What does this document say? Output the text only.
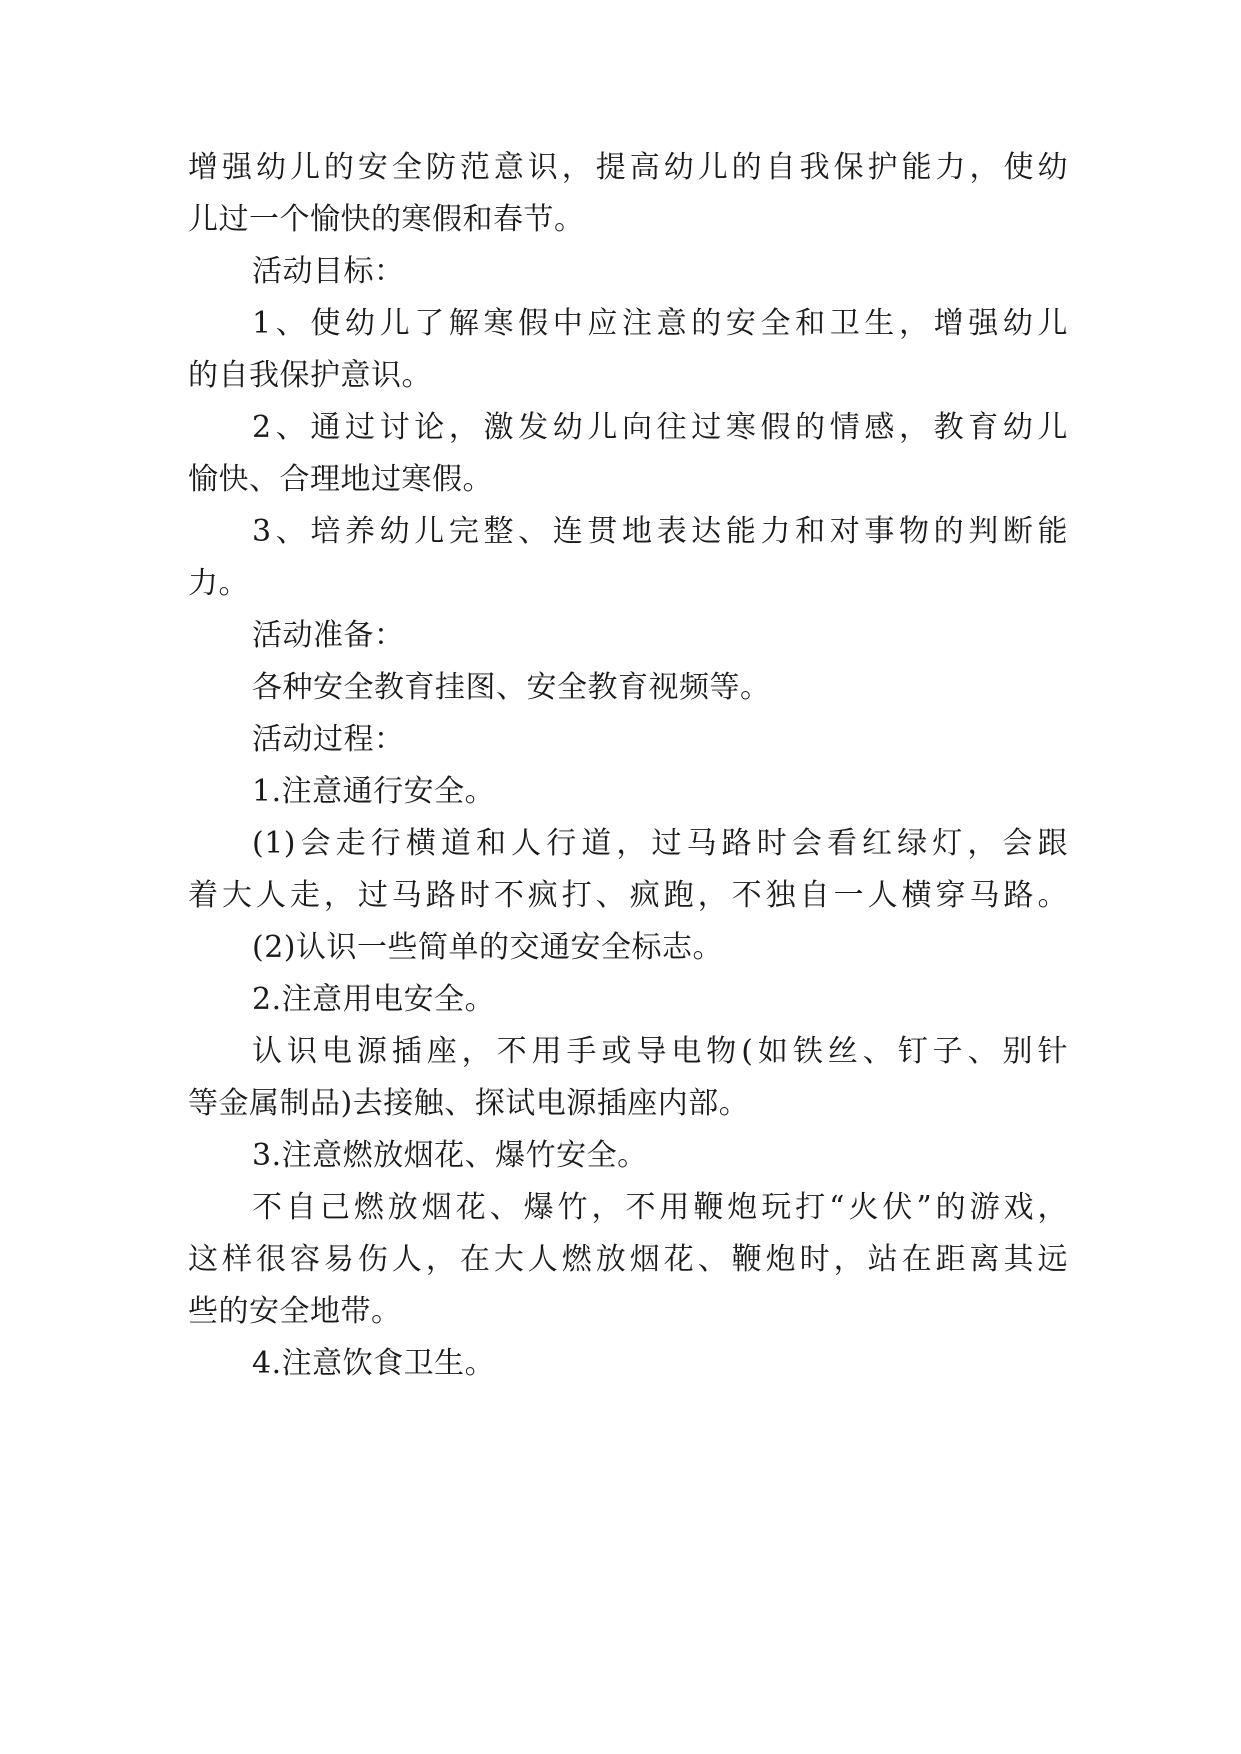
增强幼儿的安全防范意识，提高幼儿的自我保护能力，使幼
儿过一个愉快的寒假和春节。
活动目标：
1、使幼儿了解寒假中应注意的安全和卫生，增强幼儿
的自我保护意识。
2、通过讨论，激发幼儿向往过寒假的情感，教育幼儿
愉快、合理地过寒假。
3、培养幼儿完整、连贯地表达能力和对事物的判断能
力。
活动准备：
各种安全教育挂图、安全教育视频等。
活动过程：
1.注意通行安全。
(1)会走行横道和人行道，过马路时会看红绿灯，会跟
着大人走，过马路时不疯打、疯跑，不独自一人横穿马路。
(2)认识一些简单的交通安全标志。
2.注意用电安全。
认识电源插座，不用手或导电物(如铁丝、钉子、别针
等金属制品)去接触、探试电源插座内部。
3.注意燃放烟花、爆竹安全。
不自己燃放烟花、爆竹，不用鞭炮玩打“火伏”的游戏，
这样很容易伤人，在大人燃放烟花、鞭炮时，站在距离其远
些的安全地带。
4.注意饮食卫生。
